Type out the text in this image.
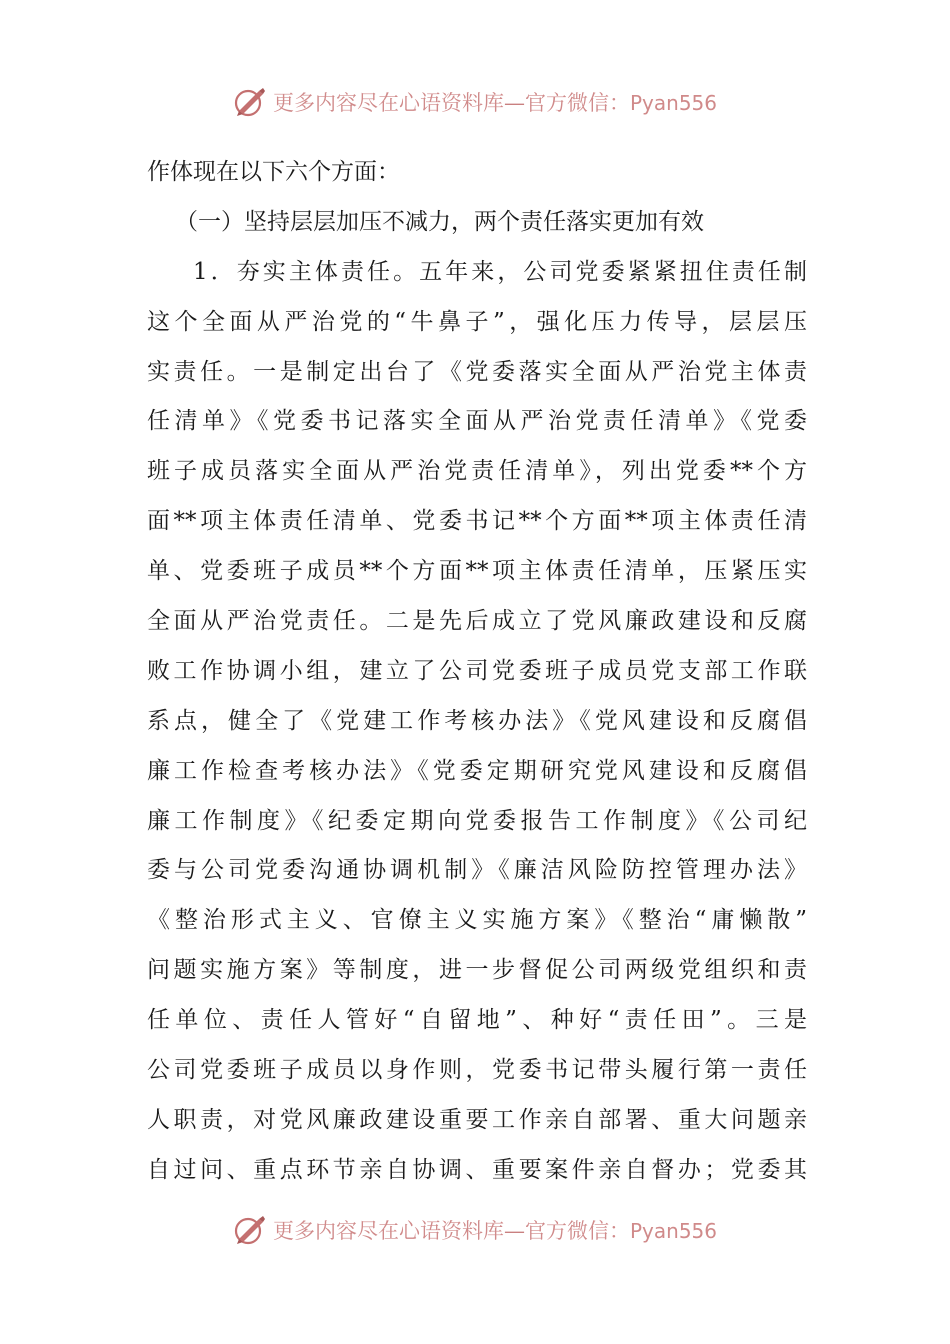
更多内容尽在心语资料库—官方微信：Pyan556
作体现在以下六个方面：
（一）坚持层层加压不减力，两个责任落实更加有效
1．夯实主体责任。五年来，公司党委紧紧扭住责任制
这个全面从严治党的“牛鼻子”，强化压力传导，层层压
实责任。一是制定出台了《党委落实全面从严治党主体责
任清单》《党委书记落实全面从严治党责任清单》《党委
班子成员落实全面从严治党责任清单》，列出党委**个方
面**项主体责任清单、党委书记**个方面**项主体责任清
单、党委班子成员**个方面**项主体责任清单，压紧压实
全面从严治党责任。二是先后成立了党风廉政建设和反腐
败工作协调小组，建立了公司党委班子成员党支部工作联
系点，健全了《党建工作考核办法》《党风建设和反腐倡
廉工作检查考核办法》《党委定期研究党风建设和反腐倡
廉工作制度》《纪委定期向党委报告工作制度》《公司纪
委与公司党委沟通协调机制》《廉洁风险防控管理办法》
《整治形式主义、官僚主义实施方案》《整治“庸懒散”
问题实施方案》等制度，进一步督促公司两级党组织和责
任单位、责任人管好“自留地”、种好“责任田”。三是
公司党委班子成员以身作则，党委书记带头履行第一责任
人职责，对党风廉政建设重要工作亲自部署、重大问题亲
自过问、重点环节亲自协调、重要案件亲自督办；党委其
更多内容尽在心语资料库—官方微信：Pyan556
